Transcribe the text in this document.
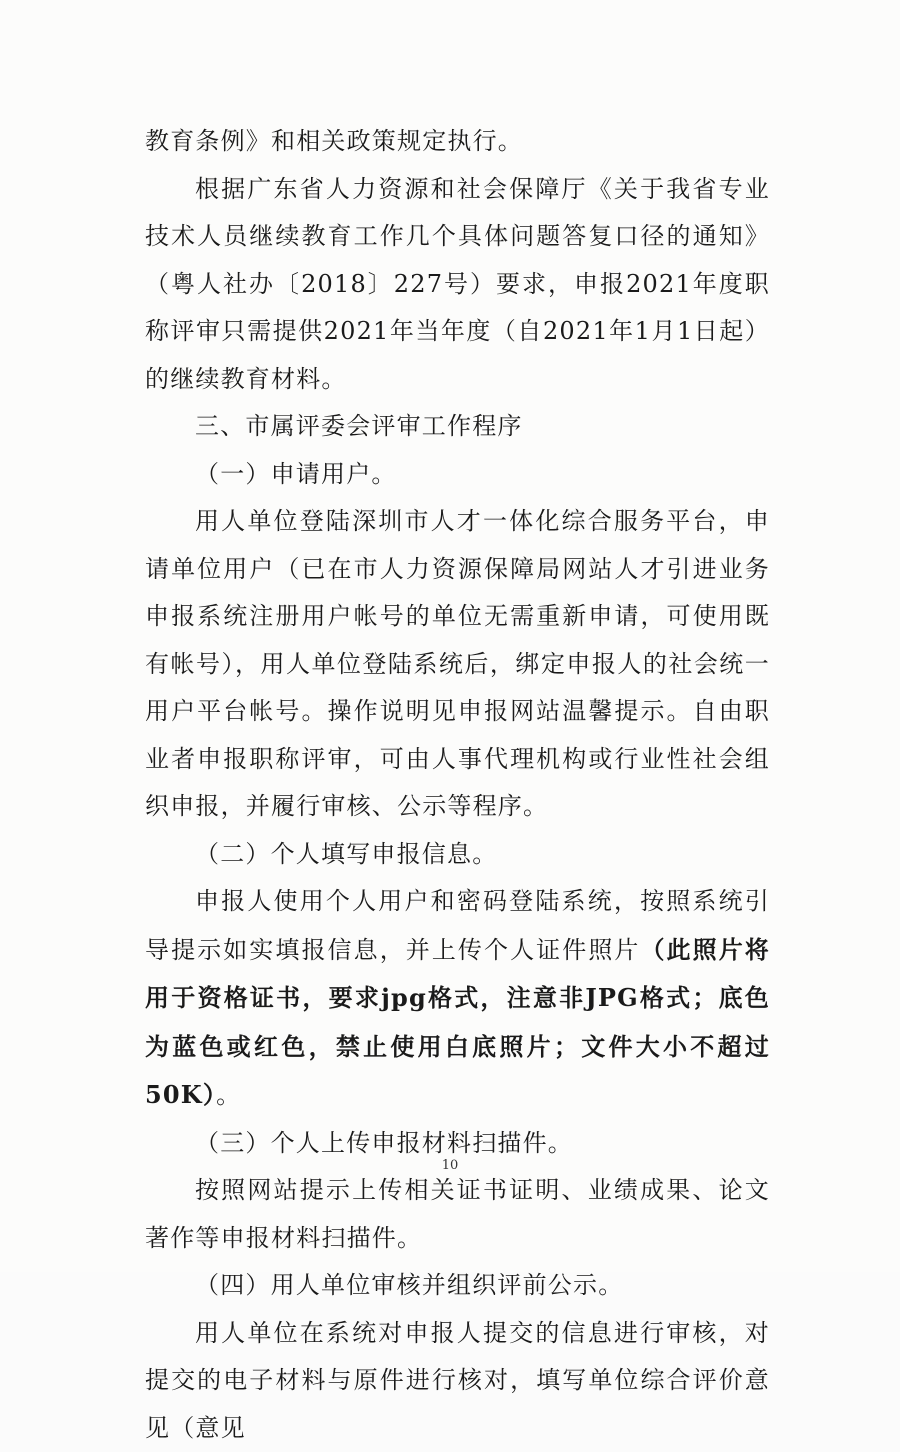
教育条例》和相关政策规定执行。

根据广东省人力资源和社会保障厅《关于我省专业技术人员继续教育工作几个具体问题答复口径的通知》（粤人社办〔2018〕227号）要求，申报2021年度职称评审只需提供2021年当年度（自2021年1月1日起）的继续教育材料。

三、市属评委会评审工作程序

（一）申请用户。

用人单位登陆深圳市人才一体化综合服务平台，申请单位用户（已在市人力资源保障局网站人才引进业务申报系统注册用户帐号的单位无需重新申请，可使用既有帐号），用人单位登陆系统后，绑定申报人的社会统一用户平台帐号。操作说明见申报网站温馨提示。自由职业者申报职称评审，可由人事代理机构或行业性社会组织申报，并履行审核、公示等程序。

（二）个人填写申报信息。

申报人使用个人用户和密码登陆系统，按照系统引导提示如实填报信息，并上传个人证件照片（此照片将用于资格证书，要求jpg格式，注意非JPG格式；底色为蓝色或红色，禁止使用白底照片；文件大小不超过50K）。

（三）个人上传申报材料扫描件。

按照网站提示上传相关证书证明、业绩成果、论文著作等申报材料扫描件。

（四）用人单位审核并组织评前公示。

用人单位在系统对申报人提交的信息进行审核，对提交的电子材料与原件进行核对，填写单位综合评价意见（意见

10
